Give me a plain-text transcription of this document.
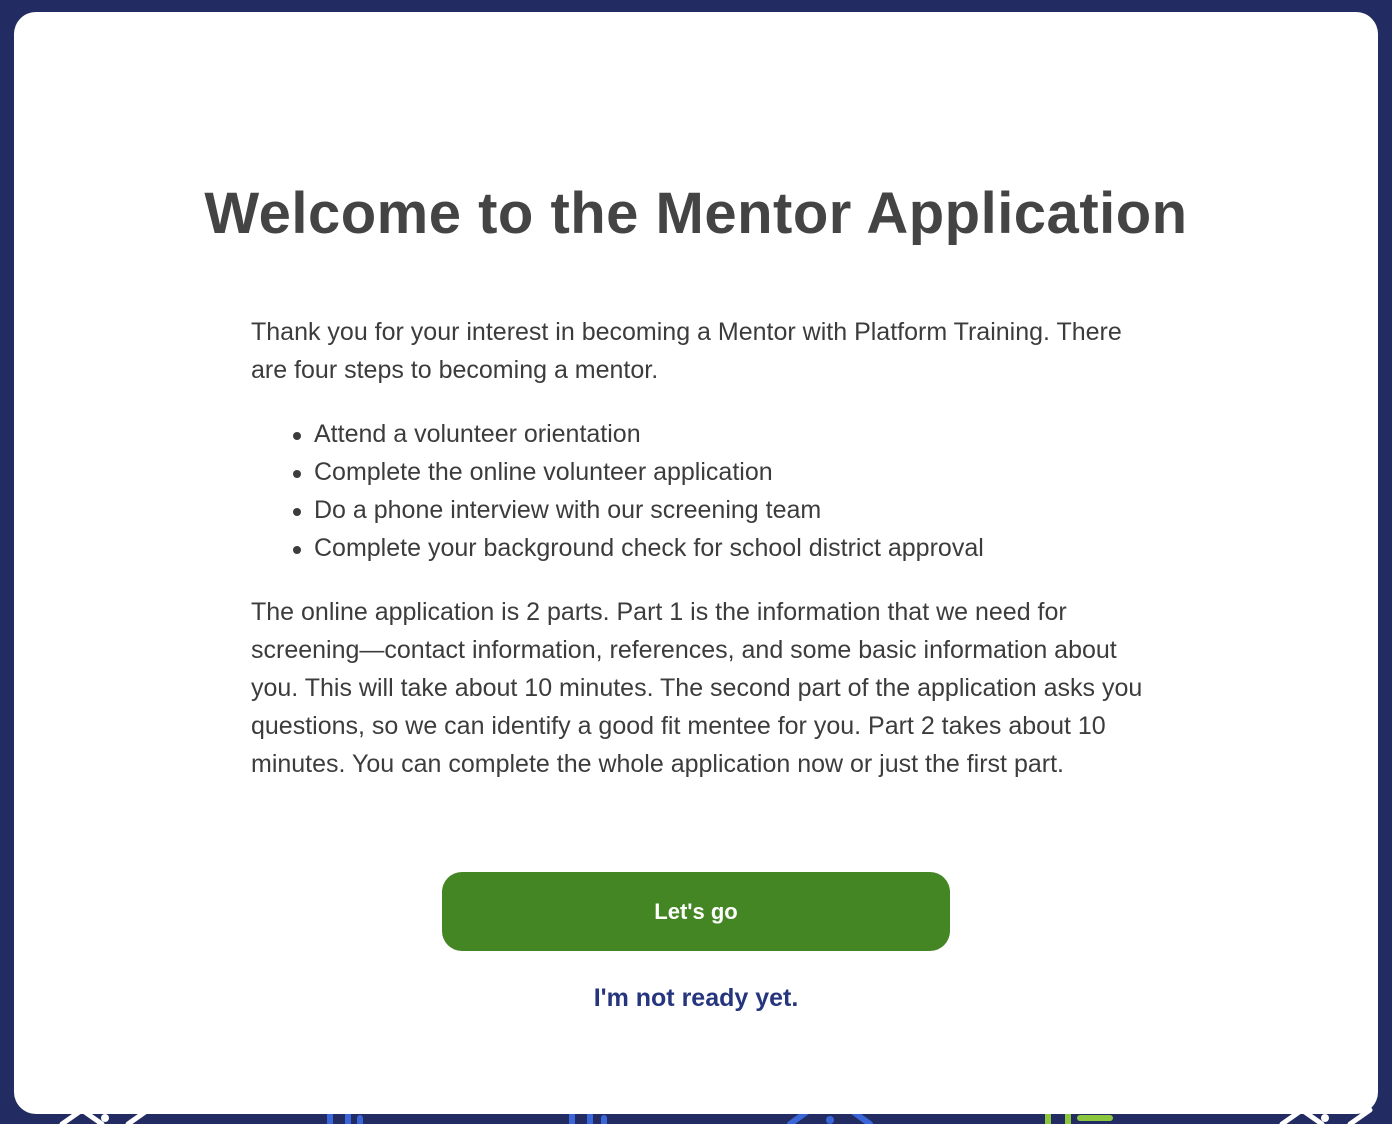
Welcome to the Mentor Application

Thank you for your interest in becoming a Mentor with Platform Training. There are four steps to becoming a mentor.

Attend a volunteer orientation
Complete the online volunteer application
Do a phone interview with our screening team
Complete your background check for school district approval

The online application is 2 parts. Part 1 is the information that we need for screening—contact information, references, and some basic information about you. This will take about 10 minutes. The second part of the application asks you questions, so we can identify a good fit mentee for you. Part 2 takes about 10 minutes. You can complete the whole application now or just the first part.

Let's go
I'm not ready yet.
